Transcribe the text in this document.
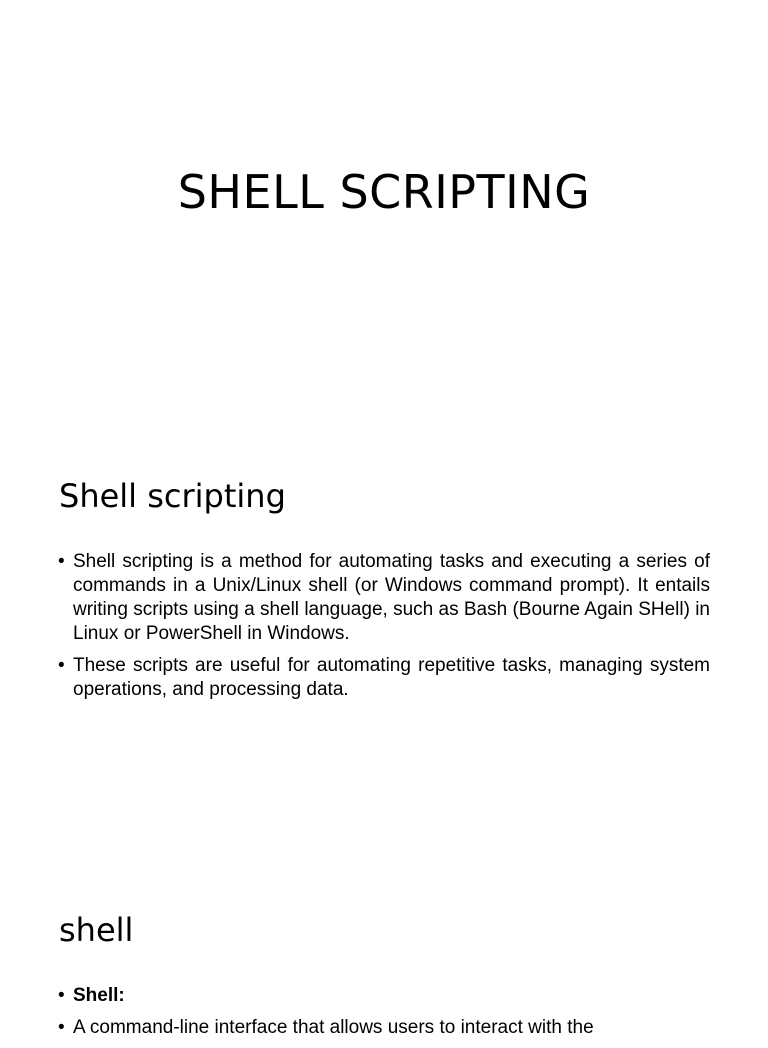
SHELL SCRIPTING
Shell scripting
• Shell scripting is a method for automating tasks and executing a series of commands in a Unix/Linux shell (or Windows command prompt). It entails writing scripts using a shell language, such as Bash (Bourne Again SHell) in Linux or PowerShell in Windows.
• These scripts are useful for automating repetitive tasks, managing system operations, and processing data.
shell
• Shell:
• A command-line interface that allows users to interact with the
